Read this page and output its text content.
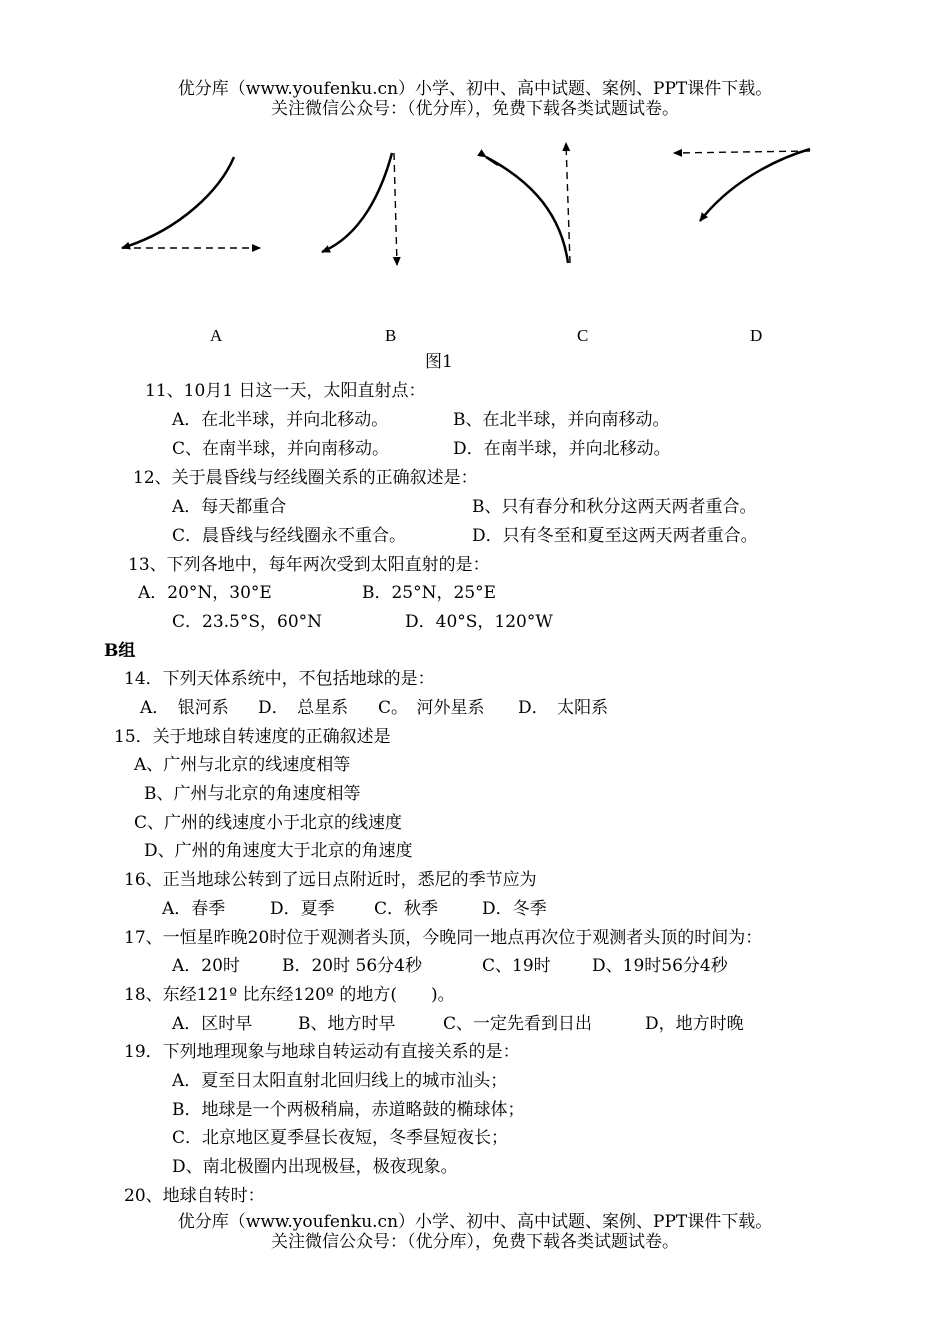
优分库（www.youfenku.cn）小学、初中、高中试题、案例、PPT课件下载。
关注微信公众号：（优分库），免费下载各类试题试卷。
A	B	C	D
图1
11、10月1 日这一天，太阳直射点：
A．在北半球，并向北移动。	B、在北半球，并向南移动。
C、在南半球，并向南移动。	D．在南半球，并向北移动。
12、关于晨昏线与经线圈关系的正确叙述是：
A．每天都重合	B、只有春分和秋分这两天两者重合。
C．晨昏线与经线圈永不重合。	D．只有冬至和夏至这两天两者重合。
13、下列各地中，每年两次受到太阳直射的是：
A．20°N，30°E	B．25°N，25°E
C．23.5°S，60°N	D．40°S，120°W
B组
14．下列天体系统中，不包括地球的是：
A．　银河系 D．　总星系 C。　河外星系 D．　太阳系
15．关于地球自转速度的正确叙述是
A、广州与北京的线速度相等
B、广州与北京的角速度相等
C、广州的线速度小于北京的线速度
D、广州的角速度大于北京的角速度
16、正当地球公转到了远日点附近时，悉尼的季节应为
A．春季	D．夏季 C．秋季	D．冬季
17、一恒星昨晚20时位于观测者头顶，今晚同一地点再次位于观测者头顶的时间为：
A．20时 B．20时 56分4秒	C、19时 D、19时56分4秒
18、东经121º 比东经120º 的地方(　　)。
A．区时早	B、地方时早	C、一定先看到日出	D，地方时晚
19．下列地理现象与地球自转运动有直接关系的是：
A．夏至日太阳直射北回归线上的城市汕头；
B．地球是一个两极稍扁，赤道略鼓的椭球体；
C．北京地区夏季昼长夜短，冬季昼短夜长；
D、南北极圈内出现极昼，极夜现象。
20、地球自转时：
优分库（www.youfenku.cn）小学、初中、高中试题、案例、PPT课件下载。
关注微信公众号：（优分库），免费下载各类试题试卷。
